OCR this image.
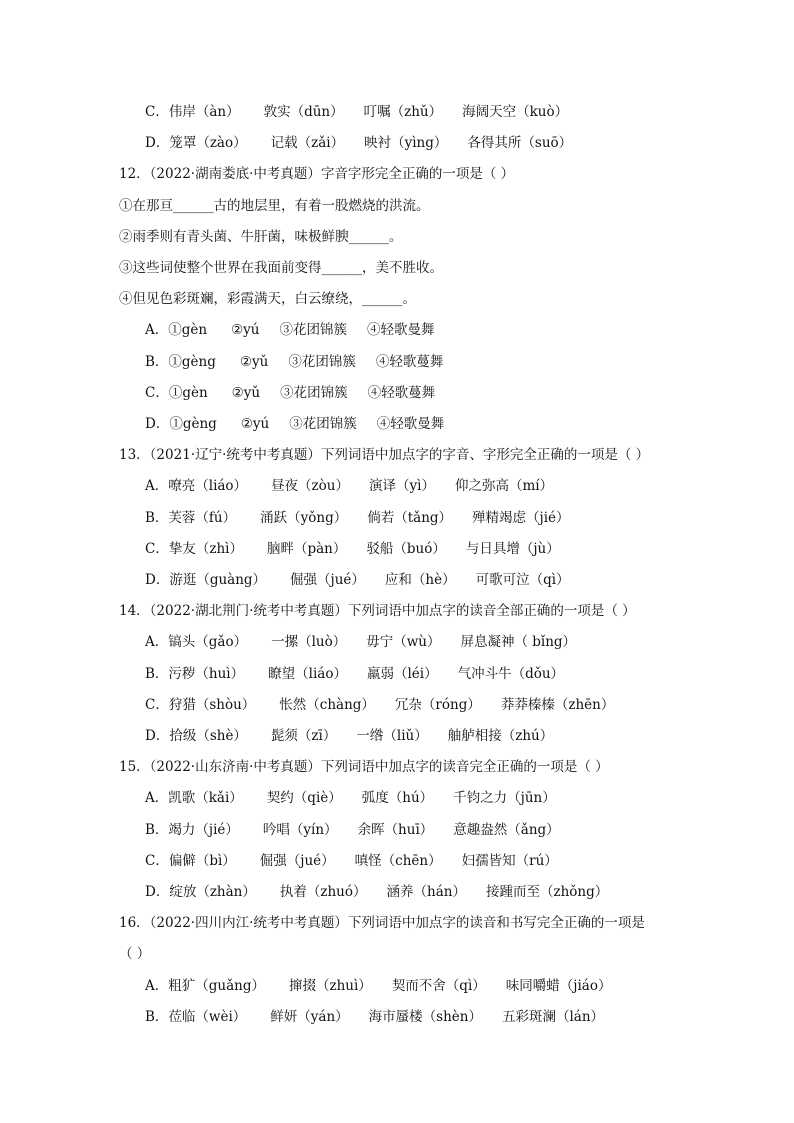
C．伟岸（àn） 敦实（dūn） 叮嘱（zhǔ） 海阔天空（kuò）
D．笼罩（zào） 记载（zǎi） 映衬（yìng） 各得其所（suō）
12．（2022·湖南娄底·中考真题）字音字形完全正确的一项是（ ）
①在那亘______古的地层里，有着一股燃烧的洪流。
②雨季则有青头菌、牛肝菌，味极鲜腴______。
③这些词使整个世界在我面前变得______，美不胜收。
④但见色彩斑斓，彩霞满天，白云缭绕，______。
A．①gèn ②yú ③花团锦簇 ④轻歌曼舞
B．①gèng ②yǔ ③花团锦簇 ④轻歌蔓舞
C．①gèn ②yǔ ③花团锦簇 ④轻歌蔓舞
D．①gèng ②yú ③花团锦簇 ④轻歌曼舞
13．（2021·辽宁·统考中考真题）下列词语中加点字的字音、字形完全正确的一项是（ ）
A．嘹亮（liáo） 昼夜（zòu） 演译（yì） 仰之弥高（mí）
B．芙蓉（fú） 涌跃（yǒng） 倘若（tǎng） 殚精竭虑（jié）
C．挚友（zhì） 脑畔（pàn） 驳船（buó） 与日具增（jù）
D．游逛（guàng） 倔强（jué） 应和（hè） 可歌可泣（qì）
14．（2022·湖北荆门·统考中考真题）下列词语中加点字的读音全部正确的一项是（ ）
A．镐头（gǎo） 一摞（luò） 毋宁（wù） 屏息凝神（ bǐng）
B．污秽（huì） 瞭望（liáo） 羸弱（léi） 气冲斗牛（dǒu）
C．狩猎（shòu） 怅然（chàng） 冗杂（róng） 莽莽榛榛（zhēn）
D．拾级（shè） 髭须（zī） 一绺（liǔ） 舳舻相接（zhú）
15．（2022·山东济南·中考真题）下列词语中加点字的读音完全正确的一项是（ ）
A．凯歌（kǎi） 契约（qiè） 弧度（hú） 千钧之力（jūn）
B．竭力（jié） 吟唱（yín） 余晖（huī） 意趣盎然（ǎng）
C．偏僻（bì） 倔强（jué） 嗔怪（chēn） 妇孺皆知（rú）
D．绽放（zhàn） 执着（zhuó） 涵养（hán） 接踵而至（zhǒng）
16．（2022·四川内江·统考中考真题）下列词语中加点字的读音和书写完全正确的一项是
（ ）
A．粗犷（guǎng） 撺掇（zhuì） 契而不舍（qì） 味同嚼蜡（jiáo）
B．莅临（wèi） 鲜妍（yán） 海市蜃楼（shèn） 五彩斑澜（lán）
